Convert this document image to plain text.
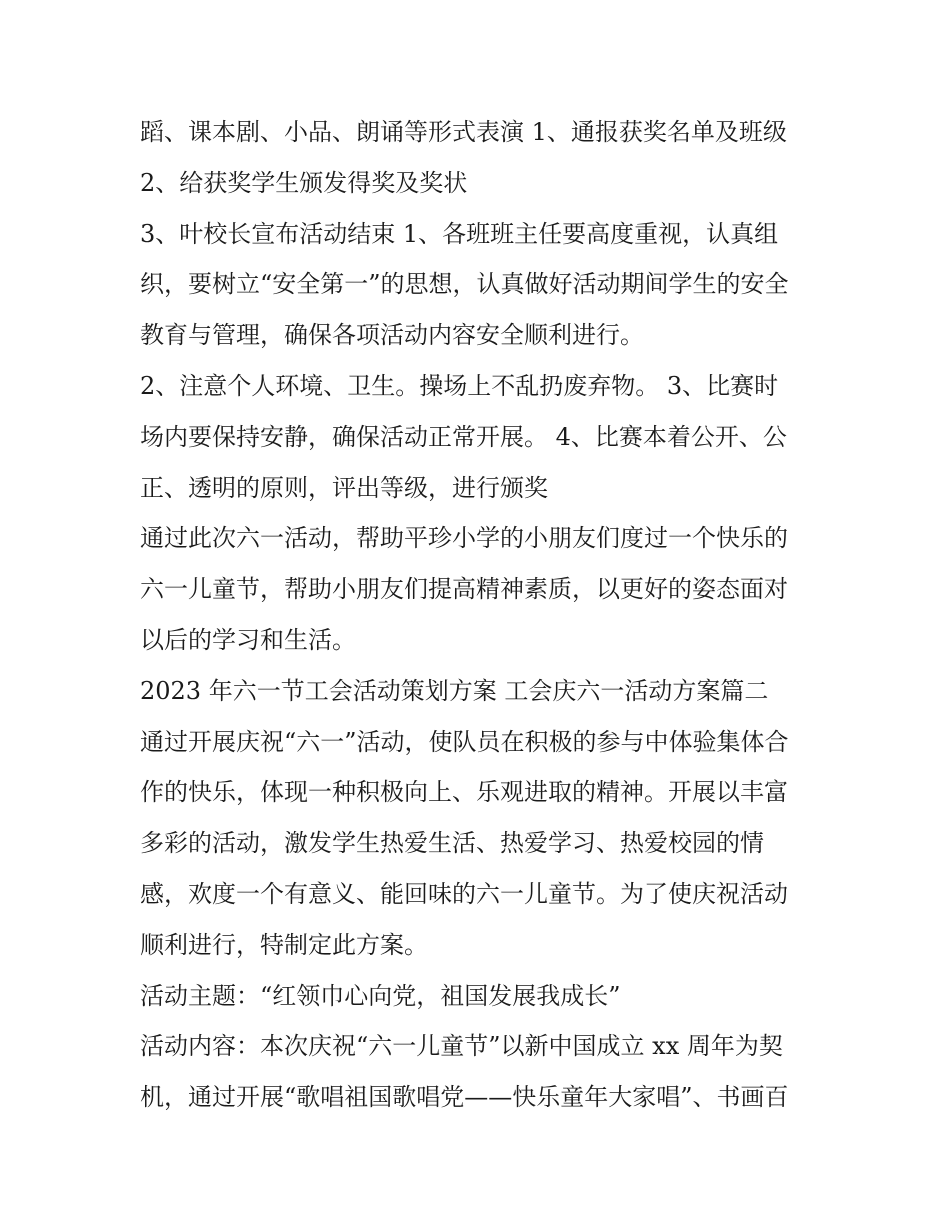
蹈、课本剧、小品、朗诵等形式表演 1、通报获奖名单及班级
2、给获奖学生颁发得奖及奖状
3、叶校长宣布活动结束 1、各班班主任要高度重视，认真组
织，要树立“安全第一”的思想，认真做好活动期间学生的安全
教育与管理，确保各项活动内容安全顺利进行。
2、注意个人环境、卫生。操场上不乱扔废弃物。 3、比赛时
场内要保持安静，确保活动正常开展。 4、比赛本着公开、公
正、透明的原则，评出等级，进行颁奖
通过此次六一活动，帮助平珍小学的小朋友们度过一个快乐的
六一儿童节，帮助小朋友们提高精神素质，以更好的姿态面对
以后的学习和生活。
2023 年六一节工会活动策划方案 工会庆六一活动方案篇二
通过开展庆祝“六一”活动，使队员在积极的参与中体验集体合
作的快乐，体现一种积极向上、乐观进取的精神。开展以丰富
多彩的活动，激发学生热爱生活、热爱学习、热爱校园的情
感，欢度一个有意义、能回味的六一儿童节。为了使庆祝活动
顺利进行，特制定此方案。
活动主题：“红领巾心向党，祖国发展我成长”
活动内容：本次庆祝“六一儿童节”以新中国成立 xx 周年为契
机，通过开展“歌唱祖国歌唱党——快乐童年大家唱”、书画百
